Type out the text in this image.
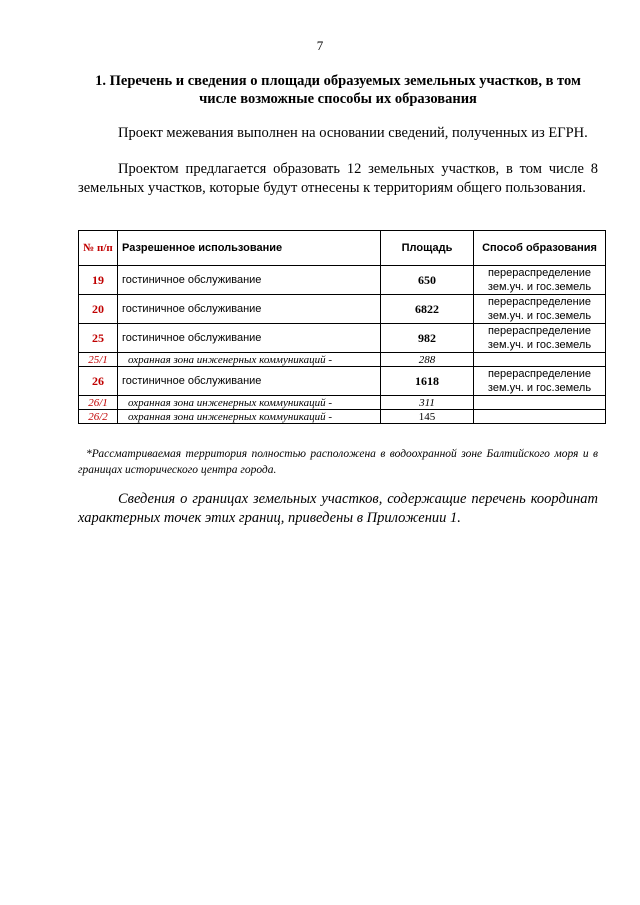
7
1. Перечень и сведения о площади образуемых земельных участков, в том числе возможные способы их образования
Проект межевания выполнен на основании сведений, полученных из ЕГРН.
Проектом предлагается образовать 12 земельных участков, в том числе 8 земельных участков, которые будут отнесены к территориям общего пользования.
№ п/п	Разрешенное использование	Площадь	Способ образования
19	гостиничное обслуживание	650	перераспределение зем.уч. и гос.земель
20	гостиничное обслуживание	6822	перераспределение зем.уч. и гос.земель
25	гостиничное обслуживание	982	перераспределение зем.уч. и гос.земель
25/1	охранная зона инженерных коммуникаций -	288	
26	гостиничное обслуживание	1618	перераспределение зем.уч. и гос.земель
26/1	охранная зона инженерных коммуникаций -	311	
26/2	охранная зона инженерных коммуникаций -	145	
*Рассматриваемая территория полностью расположена в водоохранной зоне Балтийского моря и в границах исторического центра города.
Сведения о границах земельных участков, содержащие перечень координат характерных точек этих границ, приведены в Приложении 1.
